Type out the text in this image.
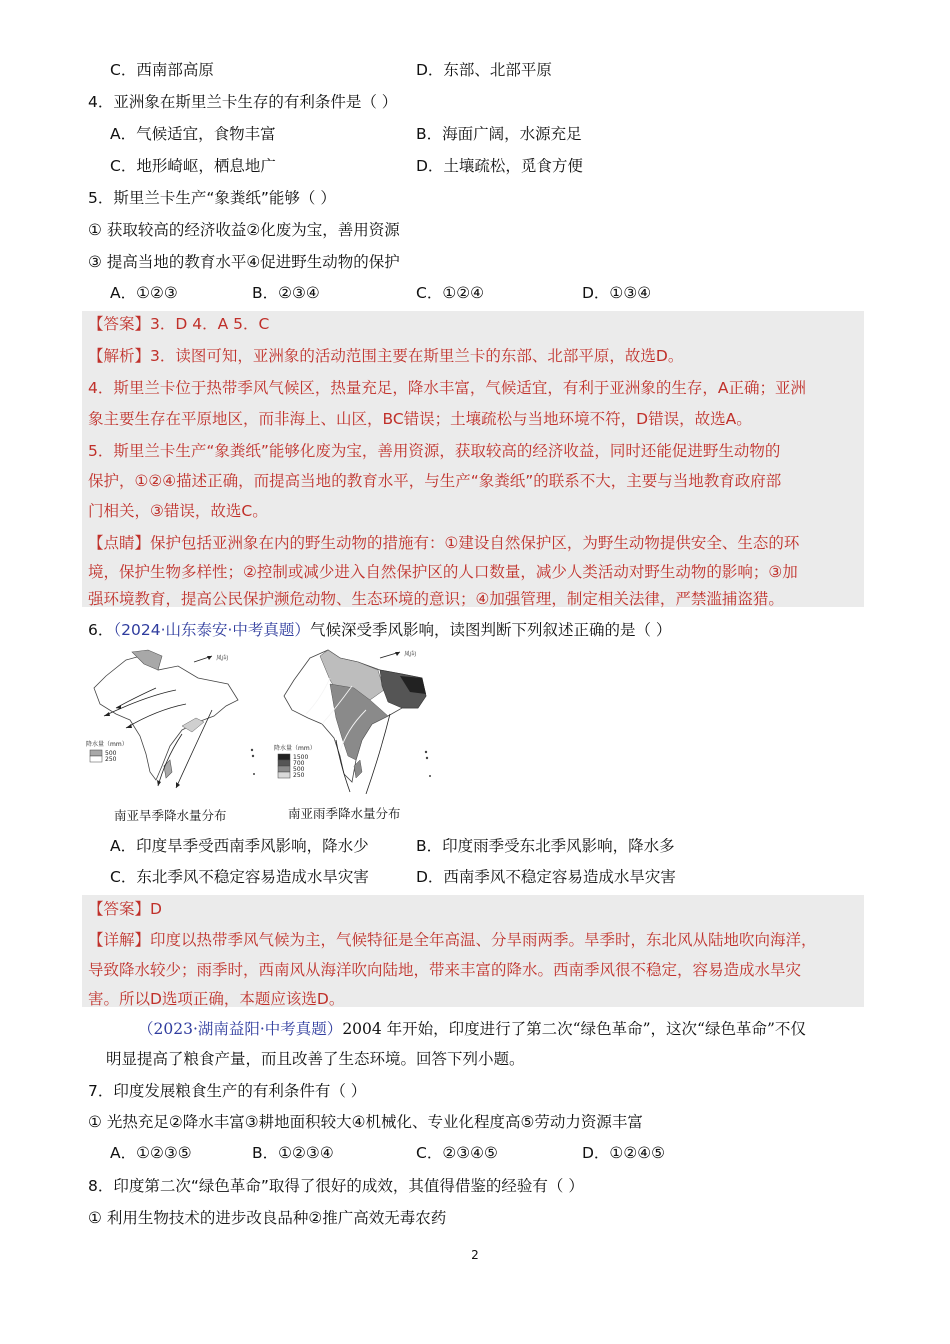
C．西南部高原	D．东部、北部平原
4．亚洲象在斯里兰卡生存的有利条件是（ ）
A．气候适宜，食物丰富	B．海面广阔，水源充足
C．地形崎岖，栖息地广	D．土壤疏松，觅食方便
5．斯里兰卡生产“象粪纸”能够（ ）
① 获取较高的经济收益②化废为宝，善用资源
③ 提高当地的教育水平④促进野生动物的保护
A．①②③	B．②③④	C．①②④	D．①③④
【答案】3．D 4．A 5．C
【解析】3．读图可知，亚洲象的活动范围主要在斯里兰卡的东部、北部平原，故选D。
4．斯里兰卡位于热带季风气候区，热量充足，降水丰富，气候适宜，有利于亚洲象的生存，A正确；亚洲
象主要生存在平原地区，而非海上、山区，BC错误；土壤疏松与当地环境不符，D错误，故选A。
5．斯里兰卡生产“象粪纸”能够化废为宝，善用资源，获取较高的经济收益，同时还能促进野生动物的
保护，①②④描述正确，而提高当地的教育水平，与生产“象粪纸”的联系不大，主要与当地教育政府部
门相关，③错误，故选C。
【点睛】保护包括亚洲象在内的野生动物的措施有：①建设自然保护区，为野生动物提供安全、生态的环
境，保护生物多样性；②控制或减少进入自然保护区的人口数量，减少人类活动对野生动物的影响；③加
强环境教育，提高公民保护濒危动物、生态环境的意识；④加强管理，制定相关法律，严禁滥捕盗猎。
6．（2024·山东泰安·中考真题）气候深受季风影响，读图判断下列叙述正确的是（ ）
风向
降水量（mm）
500
250
南亚旱季降水量分布
风向
降水量（mm）
1500
700
500
250
南亚雨季降水量分布
A．印度旱季受西南季风影响，降水少	B．印度雨季受东北季风影响，降水多
C．东北季风不稳定容易造成水旱灾害	D．西南季风不稳定容易造成水旱灾害
【答案】D
【详解】印度以热带季风气候为主，气候特征是全年高温、分旱雨两季。旱季时，东北风从陆地吹向海洋，
导致降水较少；雨季时，西南风从海洋吹向陆地，带来丰富的降水。西南季风很不稳定，容易造成水旱灾
害。所以D选项正确，本题应该选D。
（2023·湖南益阳·中考真题）2004 年开始，印度进行了第二次“绿色革命”，这次“绿色革命”不仅
明显提高了粮食产量，而且改善了生态环境。回答下列小题。
7．印度发展粮食生产的有利条件有（ ）
① 光热充足②降水丰富③耕地面积较大④机械化、专业化程度高⑤劳动力资源丰富
A．①②③⑤	B．①②③④	C．②③④⑤	D．①②④⑤
8．印度第二次“绿色革命”取得了很好的成效，其值得借鉴的经验有（ ）
① 利用生物技术的进步改良品种②推广高效无毒农药
2
